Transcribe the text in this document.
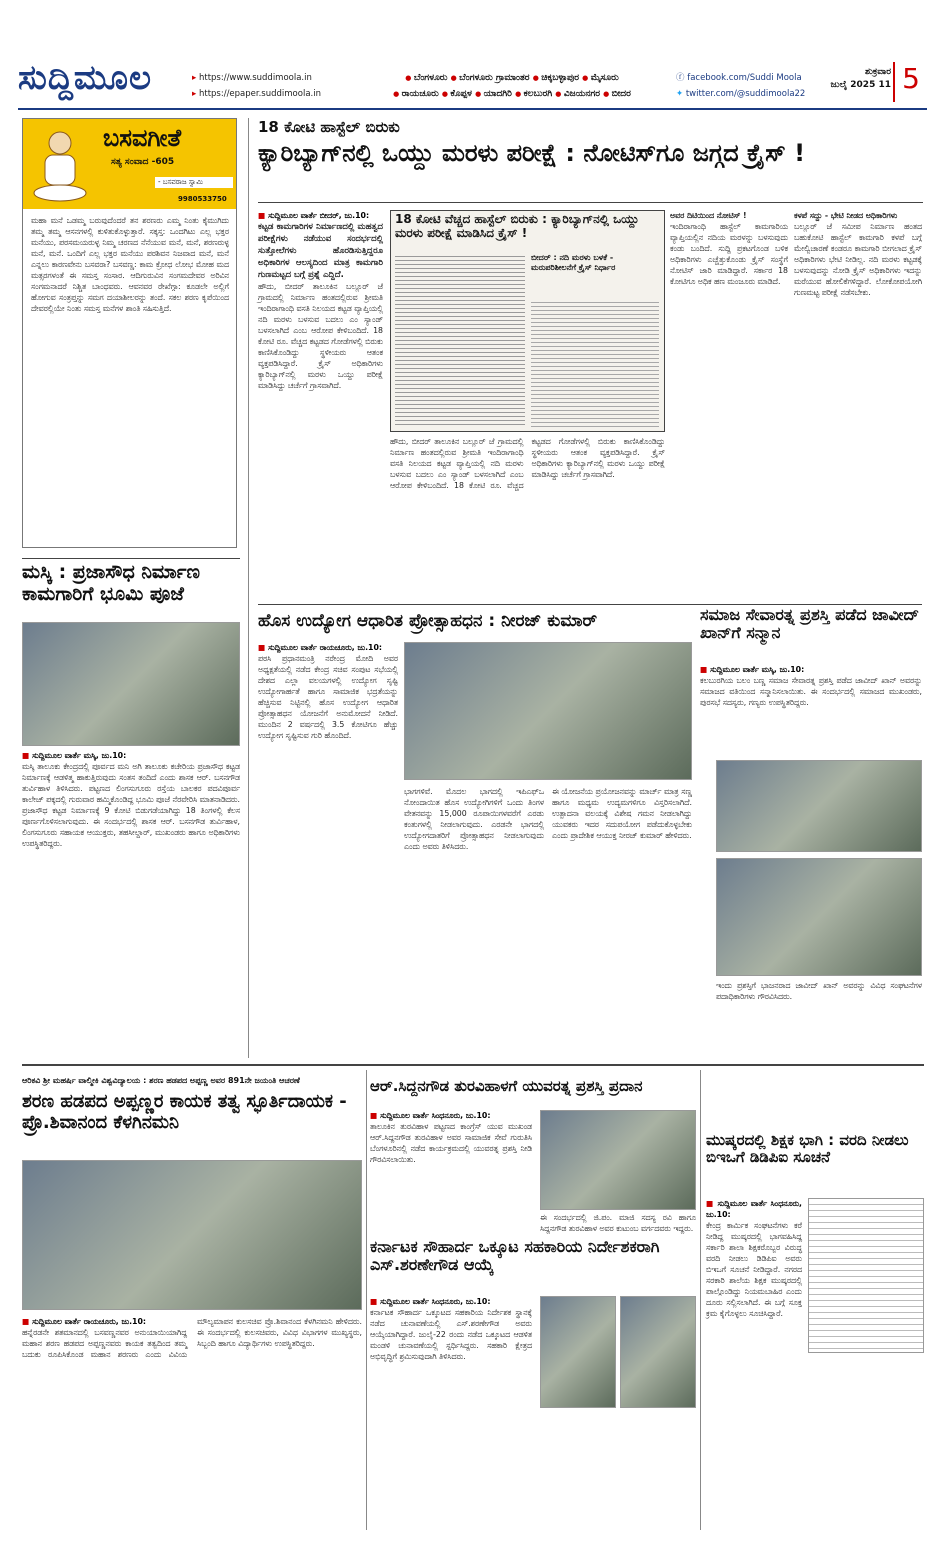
ಸುದ್ದಿಮೂಲ	▸ https://www.suddimoola.in
▸ https://epaper.suddimoola.in
● ಬೆಂಗಳೂರು ● ಬೆಂಗಳೂರು ಗ್ರಾಮಾಂತರ ● ಚಿಕ್ಕಬಳ್ಳಾಪುರ ● ಮೈಸೂರು
● ರಾಯಚೂರು ● ಕೊಪ್ಪಳ ● ಯಾದಗಿರಿ ● ಕಲಬುರಗಿ ● ವಿಜಯನಗರ ● ಬೀದರ
ⓕ facebook.com/Suddi Moola
✦ twitter.com/@suddimoola22
ಶುಕ್ರವಾರ
11 ಜುಲೈ 2025 5
ಬಸವಗೀತೆ
ಸತ್ಯ ಸಂವಾದ -605
- ಬಸವರಾಜ ಸ್ವಾಮಿ
9980533750
ಮಹಾ ಮನೆ ಒಡಮ್ಮ ಬರುವುದೆಂದರೆ ತನ ಶರಣರು ಎಮ್ಮ ನಿಂತು ಕೈಮುಗಿದು ತಮ್ಮ ತಮ್ಮ ಆಸನಗಳಲ್ಲಿ ಕುಳಿತುಕೊಳ್ಳುತ್ತಾರೆ. ಸಕ್ಕಸ್ತ: ಒಂದಗಿಟು ಎಲ್ಲ ಭಕ್ತರ ಮನೆಯು, ಪರಸಮಯರುಳ್ಳ ನಿಮ್ಮ ಚರಣದ ನೆನೆಯುವ ಮನೆ, ಮನೆ, ಶರಣರುಳ್ಳ ಮನೆ, ಮನೆ. ಒಂದಿಗೆ ಎಲ್ಲ ಭಕ್ತರ ಮನೆಯು ಪರಶಿವನ ನಿಜವಾದ ಮನೆ, ಮನೆ ಎನ್ನಲು ಕಾರಣವೇನು ಬಸವರಾ? ಬಸವಣ್ಣ: ಕಾಮ ಕ್ರೋಧ ಲೋಭ ಮೋಹ ಮದ ಮತ್ಸರಗಳಂತೆ ಈ ಸಮಸ್ತ ಸಂಸಾರ. ಆದಿಗುರುವಿನ ಸಂಗಮದೇವರ ಅರಿವಿನ ಸಂಗಮನಾದರೆ ನಿಶ್ಚಿತ ಬಾಂಧವರು. ಆವನವರ ರೇಖೆಗ್ಗಾ: ಕೂಡಲೇ ಅಲ್ಲಿಗೆ ಹೋಗುವ ಸಂತ್ರಪ್ತನ್ನು ಸಮಗ ದಯಾಶೀಲರನ್ನು ತಂದೆ. ಸಕಲ ಶರಣ ಕೃಪೆಯಿಂದ ದೇವರಲ್ಲಿಯೇ ನಿಂತು ಸಮಸ್ತ ಮನೆಗಳ ಶಾಂತಿ ಸಹಿಸುತ್ತಿದೆ.
18 ಕೋಟಿ ಹಾಸ್ಟೆಲ್ ಬಿರುಕು
ಕ್ಯಾರಿಬ್ಯಾಗ್‌ನಲ್ಲಿ ಒಯ್ದು ಮರಳು ಪರೀಕ್ಷೆ : ನೋಟಿಸ್‌ಗೂ ಜಗ್ಗದ ಕ್ರೈಸ್ !
■ ಸುದ್ದಿಮೂಲ ವಾರ್ತೆ ಬೀದರ್, ಜು.10:
ಕಟ್ಟಡ ಕಾಮಗಾರಿಗಳ ನಿರ್ಮಾಣದಲ್ಲಿ ಮಹತ್ವದ ಪರೀಕ್ಷೆಗಳು ನಡೆಯುವ ಸಂದರ್ಭದಲ್ಲಿ ಸುತ್ತೋಲೆಗಳು ಹೊರಡಿಸುತ್ತಿದ್ದರೂ ಅಧಿಕಾರಿಗಳ ಆಲಸ್ಯದಿಂದ ಮಾತ್ರ ಕಾಮಗಾರಿ ಗುಣಮಟ್ಟದ ಬಗ್ಗೆ ಪ್ರಶ್ನೆ ಎದ್ದಿದೆ.
ಹೌದು, ಬೀದರ್ ತಾಲೂಕಿನ ಬಲ್ಲೂರ್ ಜೆ ಗ್ರಾಮದಲ್ಲಿ ನಿರ್ಮಾಣ ಹಂತದಲ್ಲಿರುವ ಶ್ರೀಮತಿ ಇಂದಿರಾಗಾಂಧಿ ವಸತಿ ನಿಲಯದ ಕಟ್ಟಡ ವ್ಯಾಪ್ತಿಯಲ್ಲಿ ನದಿ ಮರಳು ಬಳಸುವ ಬದಲು ಎಂ ಸ್ಯಾಂಡ್ ಬಳಸಲಾಗಿದೆ ಎಂಬ ಆರೋಪ ಕೇಳಿಬಂದಿದೆ. 18 ಕೋಟಿ ರೂ. ವೆಚ್ಚದ ಕಟ್ಟಡದ ಗೋಡೆಗಳಲ್ಲಿ ಬಿರುಕು ಕಾಣಿಸಿಕೊಂಡಿದ್ದು ಸ್ಥಳೀಯರು ಆತಂಕ ವ್ಯಕ್ತಪಡಿಸಿದ್ದಾರೆ. ಕ್ರೈಸ್ ಅಧಿಕಾರಿಗಳು ಕ್ಯಾರಿಬ್ಯಾಗ್‌ನಲ್ಲಿ ಮರಳು ಒಯ್ದು ಪರೀಕ್ಷೆ ಮಾಡಿಸಿದ್ದು ಚರ್ಚೆಗೆ ಗ್ರಾಸವಾಗಿದೆ.
18 ಕೋಟಿ ವೆಚ್ಚದ ಹಾಸ್ಟೆಲ್ ಬಿರುಕು : ಕ್ಯಾರಿಬ್ಯಾಗ್‌ನಲ್ಲಿ ಒಯ್ದು ಮರಳು ಪರೀಕ್ಷೆ ಮಾಡಿಸಿದ ಕ್ರೈಸ್ !
ಬೀದರ್ : ನದಿ ಮರಳು ಬಳಕೆ - ಮರುಪರಿಶೀಲನೆಗೆ ಕ್ರೈಸ್ ನಿರ್ಧಾರ
ಹೌದು, ಬೀದರ್ ತಾಲೂಕಿನ ಬಲ್ಲೂರ್ ಜೆ ಗ್ರಾಮದಲ್ಲಿ ನಿರ್ಮಾಣ ಹಂತದಲ್ಲಿರುವ ಶ್ರೀಮತಿ ಇಂದಿರಾಗಾಂಧಿ ವಸತಿ ನಿಲಯದ ಕಟ್ಟಡ ವ್ಯಾಪ್ತಿಯಲ್ಲಿ ನದಿ ಮರಳು ಬಳಸುವ ಬದಲು ಎಂ ಸ್ಯಾಂಡ್ ಬಳಸಲಾಗಿದೆ ಎಂಬ ಆರೋಪ ಕೇಳಿಬಂದಿದೆ. 18 ಕೋಟಿ ರೂ. ವೆಚ್ಚದ ಕಟ್ಟಡದ ಗೋಡೆಗಳಲ್ಲಿ ಬಿರುಕು ಕಾಣಿಸಿಕೊಂಡಿದ್ದು ಸ್ಥಳೀಯರು ಆತಂಕ ವ್ಯಕ್ತಪಡಿಸಿದ್ದಾರೆ. ಕ್ರೈಸ್ ಅಧಿಕಾರಿಗಳು ಕ್ಯಾರಿಬ್ಯಾಗ್‌ನಲ್ಲಿ ಮರಳು ಒಯ್ದು ಪರೀಕ್ಷೆ ಮಾಡಿಸಿದ್ದು ಚರ್ಚೆಗೆ ಗ್ರಾಸವಾಗಿದೆ.
ಅವರ ದಿಟಿಯಿಂದ ನೋಟಿಸ್ !
ಇಂದಿರಾಗಾಂಧಿ ಹಾಸ್ಟೆಲ್ ಕಾಮಗಾರಿಯ ವ್ಯಾಪ್ತಿಯಲ್ಲಿನ ನದಿಯ ಮರಳನ್ನು ಬಳಸುವುದು ಕಂಡು ಬಂದಿದೆ. ಸುದ್ದಿ ಪ್ರಕಟಗೊಂಡ ಬಳಿಕ ಅಧಿಕಾರಿಗಳು ಎಚ್ಚೆತ್ತುಕೊಂಡು ಕ್ರೈಸ್ ಸಂಸ್ಥೆಗೆ ನೋಟಿಸ್ ಜಾರಿ ಮಾಡಿದ್ದಾರೆ. ಸರ್ಕಾರ 18 ಕೋಟಿಗೂ ಅಧಿಕ ಹಣ ಮಂಜೂರು ಮಾಡಿದೆ.
ಕಳಪೆ ಸದ್ದು - ಭೇಟಿ ನೀಡದ ಅಧಿಕಾರಿಗಳು
ಬಲ್ಲೂರ್ ಜೆ ಸಮೀಪ ನಿರ್ಮಾಣ ಹಂತದ ಬಹುಕೋಟಿ ಹಾಸ್ಟೆಲ್ ಕಾಮಗಾರಿ ಕಳಪೆ ಬಗ್ಗೆ ಮೇಲ್ವಿಚಾರಣೆ ಕಂಡರೂ ಕಾಮಗಾರಿ ಬೀಗಲಾದ ಕ್ರೈಸ್ ಅಧಿಕಾರಿಗಳು ಭೇಟಿ ನೀಡಿಲ್ಲ. ನದಿ ಮರಳು ಕಟ್ಟಡಕ್ಕೆ ಬಳಸುವುದನ್ನು ನೋಡಿ ಕ್ರೈಸ್ ಅಧಿಕಾರಿಗಳು ಇದನ್ನು ಮರೆಯುವ ಹೋಲಿಕೆಗಳಿದ್ದಾರೆ. ಲೋಕೋಪಯೋಗಿ ಗುಣಮಟ್ಟ ಪರೀಕ್ಷೆ ನಡೆಸಬೇಕು.
ಮಸ್ಕಿ : ಪ್ರಜಾಸೌಧ ನಿರ್ಮಾಣ ಕಾಮಗಾರಿಗೆ ಭೂಮಿ ಪೂಜೆ
■ ಸುದ್ದಿಮೂಲ ವಾರ್ತೆ ಮಸ್ಕಿ, ಜು.10:
ಮಸ್ಕಿ ತಾಲೂಕು ಕೇಂದ್ರದಲ್ಲಿ ಪೂರ್ವದ ಮನಿ ಅಗಿ ತಾಲೂಕು ಕಚೇರಿಯ ಪ್ರಜಾಸೌಧ ಕಟ್ಟಡ ನಿರ್ಮಾಣಕ್ಕೆ ಆಡಳಿತ್ಮ ಹಾಕುತ್ತಿರುವುದು ಸಂತಸ ತಂದಿದೆ ಎಂದು ಶಾಸಕ ಆರ್. ಬಸನಗೌಡ ತುರ್ವಿಹಾಳ ತಿಳಿಸಿದರು. ಪಟ್ಟಣದ ಲಿಂಗಸುಗೂರು ರಸ್ತೆಯ ಬಾಲಕರ ಪದವಿಪೂರ್ವ ಕಾಲೇಜ್ ಪಕ್ಕದಲ್ಲಿ ಗುರುವಾರ ಹಮ್ಮಿಕೊಂಡಿದ್ದ ಭೂಮಿ ಪೂಜೆ ನೆರವೇರಿಸಿ ಮಾತನಾಡಿದರು. ಪ್ರಜಾಸೌಧ ಕಟ್ಟಡ ನಿರ್ಮಾಣಕ್ಕೆ 9 ಕೋಟಿ ಬಿಡುಗಡೆಯಾಗಿದ್ದು 18 ತಿಂಗಳಲ್ಲಿ ಕೆಲಸ ಪೂರ್ಣಗೊಳಿಸಲಾಗುವುದು. ಈ ಸಂದರ್ಭದಲ್ಲಿ ಶಾಸಕ ಆರ್. ಬಸನಗೌಡ ತುರ್ವಿಹಾಳ, ಲಿಂಗಸುಗೂರು ಸಹಾಯಕ ಆಯುಕ್ತರು, ತಹಸೀಲ್ದಾರ್, ಮುಖಂಡರು ಹಾಗೂ ಅಧಿಕಾರಿಗಳು ಉಪಸ್ಥಿತರಿದ್ದರು.
ಹೊಸ ಉದ್ಯೋಗ ಆಧಾರಿತ ಪ್ರೋತ್ಸಾಹಧನ : ನೀರಜ್ ಕುಮಾರ್
■ ಸುದ್ದಿಮೂಲ ವಾರ್ತೆ ರಾಯಚೂರು, ಜು.10:
ಪಠಸಿ ಪ್ರಧಾನಮಂತ್ರಿ ನರೇಂದ್ರ ಮೋದಿ ಅವರ ಅಧ್ಯಕ್ಷತೆಯಲ್ಲಿ ನಡೆದ ಕೇಂದ್ರ ಸಚಿವ ಸಂಪುಟ ಸಭೆಯಲ್ಲಿ ದೇಶದ ಎಲ್ಲಾ ವಲಯಗಳಲ್ಲಿ ಉದ್ಯೋಗ ಸೃಷ್ಟಿ ಉದ್ಯೋಗಾರ್ಹತೆ ಹಾಗೂ ಸಾಮಾಜಿಕ ಭದ್ರತೆಯನ್ನು ಹೆಚ್ಚಿಸುವ ನಿಟ್ಟಿನಲ್ಲಿ ಹೊಸ ಉದ್ಯೋಗ ಆಧಾರಿತ ಪ್ರೋತ್ಸಾಹಧನ ಯೋಜನೆಗೆ ಅನುಮೋದನೆ ನೀಡಿದೆ. ಮುಂದಿನ 2 ವರ್ಷದಲ್ಲಿ 3.5 ಕೋಟಿಗೂ ಹೆಚ್ಚು ಉದ್ಯೋಗ ಸೃಷ್ಟಿಸುವ ಗುರಿ ಹೊಂದಿದೆ.
ಭಾಗಗಳಿವೆ. ಮೊದಲ ಭಾಗದಲ್ಲಿ ಇಪಿಎಫ್‌ಒ ನೋಂದಾಯಿತ ಹೊಸ ಉದ್ಯೋಗಿಗಳಿಗೆ ಒಂದು ತಿಂಗಳ ವೇತನವನ್ನು 15,000 ರೂಪಾಯಿಗಳವರೆಗೆ ಎರಡು ಕಂತುಗಳಲ್ಲಿ ನೀಡಲಾಗುವುದು. ಎರಡನೇ ಭಾಗದಲ್ಲಿ ಉದ್ಯೋಗದಾತರಿಗೆ ಪ್ರೋತ್ಸಾಹಧನ ನೀಡಲಾಗುವುದು ಎಂದು ಅವರು ತಿಳಿಸಿದರು.
ಈ ಯೋಜನೆಯ ಪ್ರಯೋಜನವನ್ನು ಮಾರ್ಚ್ ಮಾತ್ರ ಸಣ್ಣ ಹಾಗೂ ಮಧ್ಯಮ ಉದ್ಯಮಗಳಿಗೂ ವಿಸ್ತರಿಸಲಾಗಿದೆ. ಉತ್ಪಾದನಾ ವಲಯಕ್ಕೆ ವಿಶೇಷ ಗಮನ ನೀಡಲಾಗಿದ್ದು ಯುವಕರು ಇದರ ಸದುಪಯೋಗ ಪಡೆದುಕೊಳ್ಳಬೇಕು ಎಂದು ಪ್ರಾದೇಶಿಕ ಆಯುಕ್ತ ನೀರಜ್ ಕುಮಾರ್ ಹೇಳಿದರು.
ಸಮಾಜ ಸೇವಾರತ್ನ ಪ್ರಶಸ್ತಿ ಪಡೆದ ಜಾವೀದ್ ಖಾನ್‌ಗೆ ಸನ್ಮಾನ
■ ಸುದ್ದಿಮೂಲ ವಾರ್ತೆ ಮಸ್ಕಿ, ಜು.10:
ಕಲಬುರಗಿಯ ಬಲಂ ಬಣ್ಣ ಸಮಾಜ ಸೇವಾರತ್ನ ಪ್ರಶಸ್ತಿ ಪಡೆದ ಜಾವೀದ್ ಖಾನ್ ಅವರನ್ನು ಸಮಾಜದ ವತಿಯಿಂದ ಸನ್ಮಾನಿಸಲಾಯಿತು. ಈ ಸಂದರ್ಭದಲ್ಲಿ ಸಮಾಜದ ಮುಖಂಡರು, ಪುರಸಭೆ ಸದಸ್ಯರು, ಗಣ್ಯರು ಉಪಸ್ಥಿತರಿದ್ದರು.
ಇಂದು ಪ್ರಶಸ್ತಿಗೆ ಭಾಜನರಾದ ಜಾವೀದ್ ಖಾನ್ ಅವರನ್ನು ವಿವಿಧ ಸಂಘಟನೆಗಳ ಪದಾಧಿಕಾರಿಗಳು ಗೌರವಿಸಿದರು.
ಆರಿಕವಿ ಶ್ರೀ ಮಹರ್ಷಿ ವಾಲ್ಮೀಕಿ ವಿಶ್ವವಿದ್ಯಾಲಯ : ಶರಣ ಹಡಪದ ಅಪ್ಪಣ್ಣ ಅವರ 891ನೇ ಜಯಂತಿ ಆಚರಣೆ
ಶರಣ ಹಡಪದ ಅಪ್ಪಣ್ಣರ ಕಾಯಕ ತತ್ವ ಸ್ಫೂರ್ತಿದಾಯಕ - ಪ್ರೊ.ಶಿವಾನಂದ ಕೆಳಗಿನಮನಿ
■ ಸುದ್ದಿಮೂಲ ವಾರ್ತೆ ರಾಯಚೂರು, ಜು.10:
ಹನ್ನೆರಡನೇ ಶತಮಾನದಲ್ಲಿ ಬಸವಣ್ಣನವರ ಅನುಯಾಯಿಯಾಗಿದ್ದ ಮಹಾನ ಶರಣ ಹಡಪದ ಅಪ್ಪಣ್ಣನವರು ಕಾಯಕ ತತ್ವದಿಂದ ತಮ್ಮ ಬದುಕು ರೂಪಿಸಿಕೊಂಡ ಮಹಾನ ಶರಣರು ಎಂದು ವಿವಿಯ ಮೌಲ್ಯಮಾಪನ ಕುಲಸಚಿವ ಪ್ರೊ.ಶಿವಾನಂದ ಕೆಳಗಿನಮನಿ ಹೇಳಿದರು. ಈ ಸಂದರ್ಭದಲ್ಲಿ ಕುಲಸಚಿವರು, ವಿವಿಧ ವಿಭಾಗಗಳ ಮುಖ್ಯಸ್ಥರು, ಸಿಬ್ಬಂದಿ ಹಾಗೂ ವಿದ್ಯಾರ್ಥಿಗಳು ಉಪಸ್ಥಿತರಿದ್ದರು.
ಆರ್.ಸಿದ್ದನಗೌಡ ತುರವಿಹಾಳಗೆ ಯುವರತ್ನ ಪ್ರಶಸ್ತಿ ಪ್ರದಾನ
■ ಸುದ್ದಿಮೂಲ ವಾರ್ತೆ ಸಿಂಧನೂರು, ಜು.10:
ತಾಲೂಕಿನ ತುರವಿಹಾಳ ಪಟ್ಟಣದ ಕಾಂಗ್ರೆಸ್ ಯುವ ಮುಖಂಡ ಆರ್.ಸಿದ್ದನಗೌಡ ತುರವಿಹಾಳ ಅವರ ಸಾಮಾಜಿಕ ಸೇವೆ ಗುರುತಿಸಿ ಬೆಂಗಳೂರಿನಲ್ಲಿ ನಡೆದ ಕಾರ್ಯಕ್ರಮದಲ್ಲಿ ಯುವರತ್ನ ಪ್ರಶಸ್ತಿ ನೀಡಿ ಗೌರವಿಸಲಾಯಿತು.
ಈ ಸಂದರ್ಭದಲ್ಲಿ ಜಿ.ಪಂ. ಮಾಜಿ ಸದಸ್ಯ ರವಿ ಹಾಗೂ ಸಿದ್ದನಗೌಡ ತುರವಿಹಾಳ ಅವರ ಕುಟುಂಬ ವರ್ಗದವರು ಇದ್ದರು.
ಕರ್ನಾಟಕ ಸೌಹಾರ್ದ ಒಕ್ಕೂಟ ಸಹಕಾರಿಯ ನಿರ್ದೇಶಕರಾಗಿ ಎಸ್.ಶರಣೇಗೌಡ ಆಯ್ಕೆ
■ ಸುದ್ದಿಮೂಲ ವಾರ್ತೆ ಸಿಂಧನೂರು, ಜು.10:
ಕರ್ನಾಟಕ ಸೌಹಾರ್ದ ಒಕ್ಕೂಟದ ಸಹಕಾರಿಯ ನಿರ್ದೇಶಕ ಸ್ಥಾನಕ್ಕೆ ನಡೆದ ಚುನಾವಣೆಯಲ್ಲಿ ಎಸ್.ಶರಣೇಗೌಡ ಅವರು ಆಯ್ಕೆಯಾಗಿದ್ದಾರೆ. ಜುಲೈ-22 ರಂದು ನಡೆದ ಒಕ್ಕೂಟದ ಆಡಳಿತ ಮಂಡಳಿ ಚುನಾವಣೆಯಲ್ಲಿ ಸ್ಪರ್ಧಿಸಿದ್ದರು. ಸಹಕಾರಿ ಕ್ಷೇತ್ರದ ಅಭಿವೃದ್ಧಿಗೆ ಶ್ರಮಿಸುವುದಾಗಿ ತಿಳಿಸಿದರು.
ಮುಷ್ಕರದಲ್ಲಿ ಶಿಕ್ಷಕ ಭಾಗಿ : ವರದಿ ನೀಡಲು ಬಿಇಒಗೆ ಡಿಡಿಪಿಐ ಸೂಚನೆ
■ ಸುದ್ದಿಮೂಲ ವಾರ್ತೆ ಸಿಂಧನೂರು, ಜು.10:
ಕೇಂದ್ರ ಕಾರ್ಮಿಕ ಸಂಘಟನೆಗಳು ಕರೆ ನೀಡಿದ್ದ ಮುಷ್ಕರದಲ್ಲಿ ಭಾಗವಹಿಸಿದ್ದ ಸರ್ಕಾರಿ ಶಾಲಾ ಶಿಕ್ಷಕರೊಬ್ಬರ ವಿರುದ್ಧ ವರದಿ ನೀಡಲು ಡಿಡಿಪಿಐ ಅವರು ಬಿಇಒಗೆ ಸೂಚನೆ ನೀಡಿದ್ದಾರೆ. ನಗರದ ಸರಕಾರಿ ಶಾಲೆಯ ಶಿಕ್ಷಕ ಮುಷ್ಕರದಲ್ಲಿ ಪಾಲ್ಗೊಂಡಿದ್ದು ನಿಯಮಬಾಹಿರ ಎಂದು ದೂರು ಸಲ್ಲಿಸಲಾಗಿದೆ. ಈ ಬಗ್ಗೆ ಸೂಕ್ತ ಕ್ರಮ ಕೈಗೊಳ್ಳಲು ಸೂಚಿಸಿದ್ದಾರೆ.
